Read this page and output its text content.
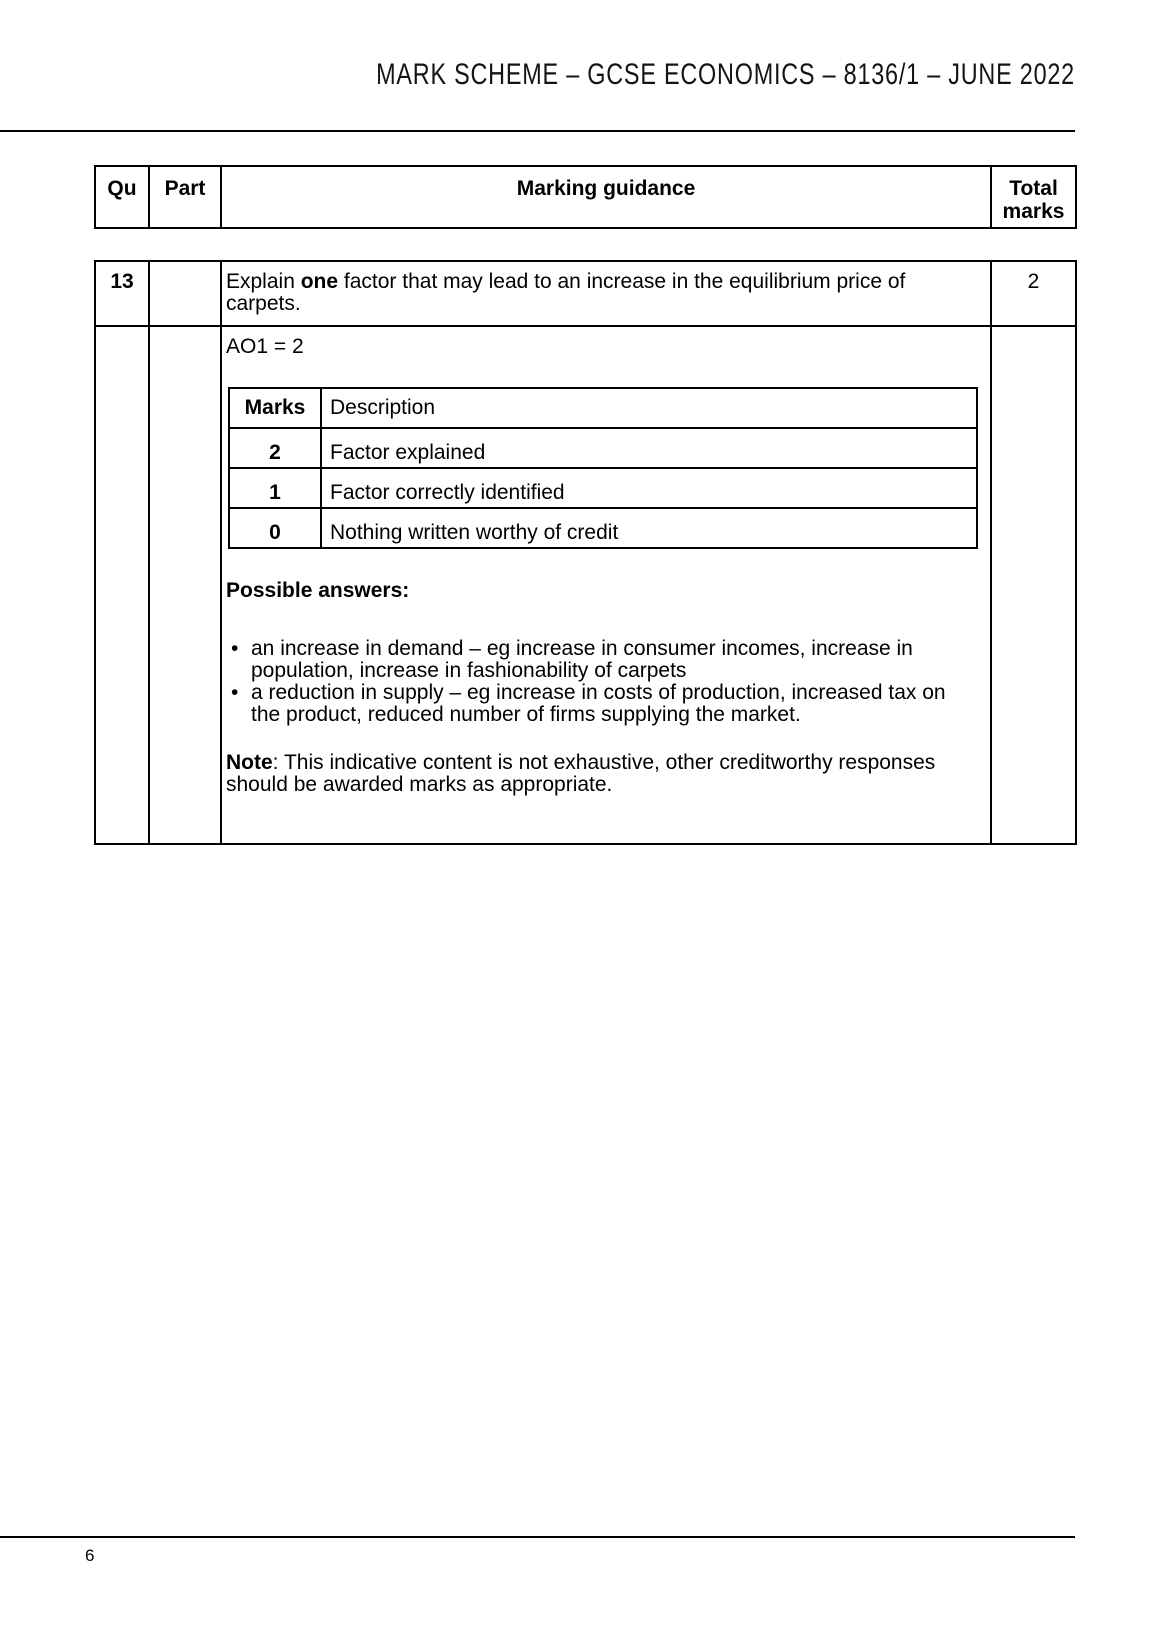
MARK SCHEME – GCSE ECONOMICS – 8136/1 – JUNE 2022
Qu	Part	Marking guidance	Total marks
13		Explain one factor that may lead to an increase in the equilibrium price of carpets.	2

AO1 = 2

Marks	Description
2	Factor explained
1	Factor correctly identified
0	Nothing written worthy of credit

Possible answers:

• an increase in demand – eg increase in consumer incomes, increase in population, increase in fashionability of carpets
• a reduction in supply – eg increase in costs of production, increased tax on the product, reduced number of firms supplying the market.

Note: This indicative content is not exhaustive, other creditworthy responses should be awarded marks as appropriate.

6
